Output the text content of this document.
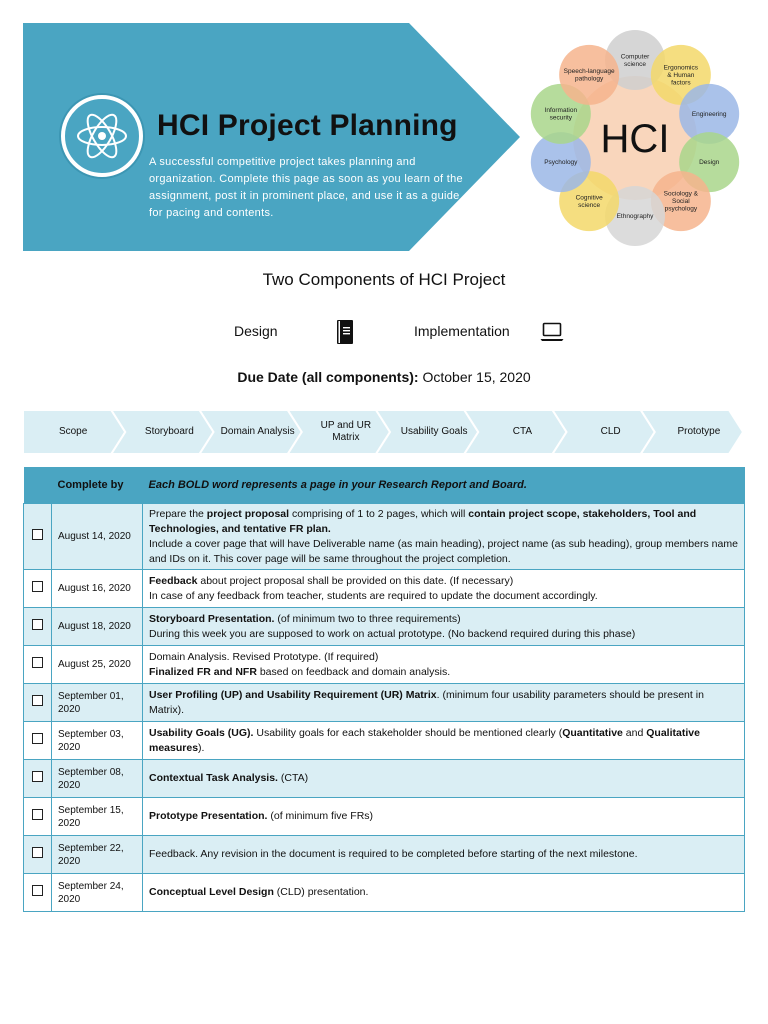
HCI Project Planning
A successful competitive project takes planning and organization. Complete this page as soon as you learn of the assignment, post it in prominent place, and use it as a guide for pacing and contents.
Computer science
Ergonomics & Human factors
Engineering
Design
Sociology & Social psychology
Ethnography
Cognitive science
Psychology
Information security
Speech-language pathology
HCI
Two Components of HCI Project
Design	Implementation
Due Date (all components): October 15, 2020
Scope	Storyboard	Domain Analysis
UP and UR Matrix
Usability Goals	CTA	CLD	Prototype
	Complete by	Each BOLD word represents a page in your Research Report and Board.
	August 14, 2020	Prepare the project proposal comprising of 1 to 2 pages, which will contain project scope, stakeholders, Tool and Technologies, and tentative FR plan.
Include a cover page that will have Deliverable name (as main heading), project name (as sub heading), group members name and IDs on it. This cover page will be same throughout the project completion.
	August 16, 2020	Feedback about project proposal shall be provided on this date. (If necessary)
In case of any feedback from teacher, students are required to update the document accordingly.
	August 18, 2020	Storyboard Presentation. (of minimum two to three requirements)
During this week you are supposed to work on actual prototype. (No backend required during this phase)
	August 25, 2020	Domain Analysis. Revised Prototype. (If required)
Finalized FR and NFR based on feedback and domain analysis.
	September 01, 2020	User Profiling (UP) and Usability Requirement (UR) Matrix. (minimum four usability parameters should be present in Matrix).
	September 03, 2020	Usability Goals (UG). Usability goals for each stakeholder should be mentioned clearly (Quantitative and Qualitative measures).
	September 08, 2020	Contextual Task Analysis. (CTA)
	September 15, 2020	Prototype Presentation. (of minimum five FRs)
	September 22, 2020	Feedback. Any revision in the document is required to be completed before starting of the next milestone.
	September 24, 2020	Conceptual Level Design (CLD) presentation.
